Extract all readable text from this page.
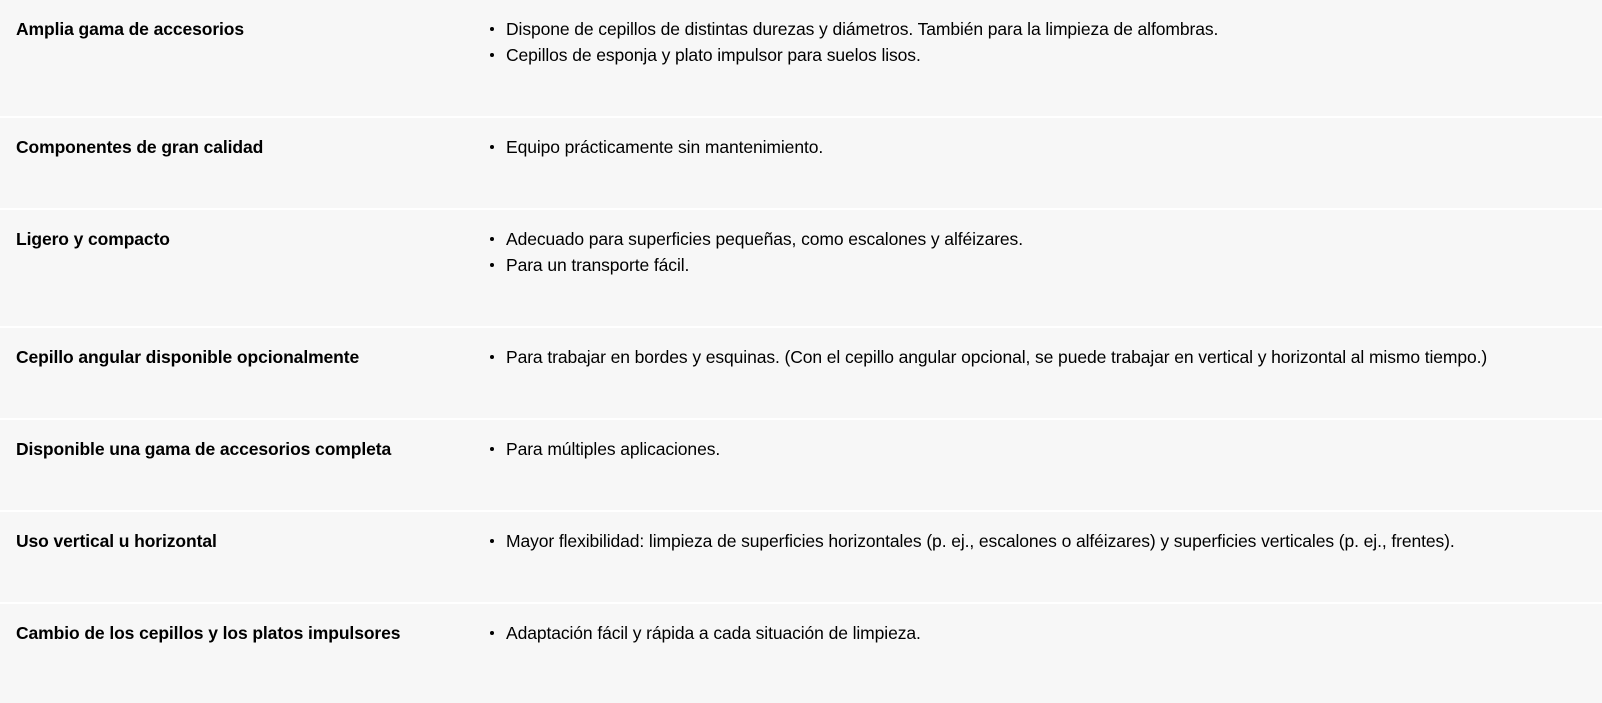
Amplia gama de accesorios	Dispone de cepillos de distintas durezas y diámetros. También para la limpieza de alfombras.
Cepillos de esponja y plato impulsor para suelos lisos.
Componentes de gran calidad	Equipo prácticamente sin mantenimiento.
Ligero y compacto	Adecuado para superficies pequeñas, como escalones y alféizares.
Para un transporte fácil.
Cepillo angular disponible opcionalmente	Para trabajar en bordes y esquinas. (Con el cepillo angular opcional, se puede trabajar en vertical y horizontal al mismo tiempo.)
Disponible una gama de accesorios completa	Para múltiples aplicaciones.
Uso vertical u horizontal	Mayor flexibilidad: limpieza de superficies horizontales (p. ej., escalones o alféizares) y superficies verticales (p. ej., frentes).
Cambio de los cepillos y los platos impulsores	Adaptación fácil y rápida a cada situación de limpieza.
